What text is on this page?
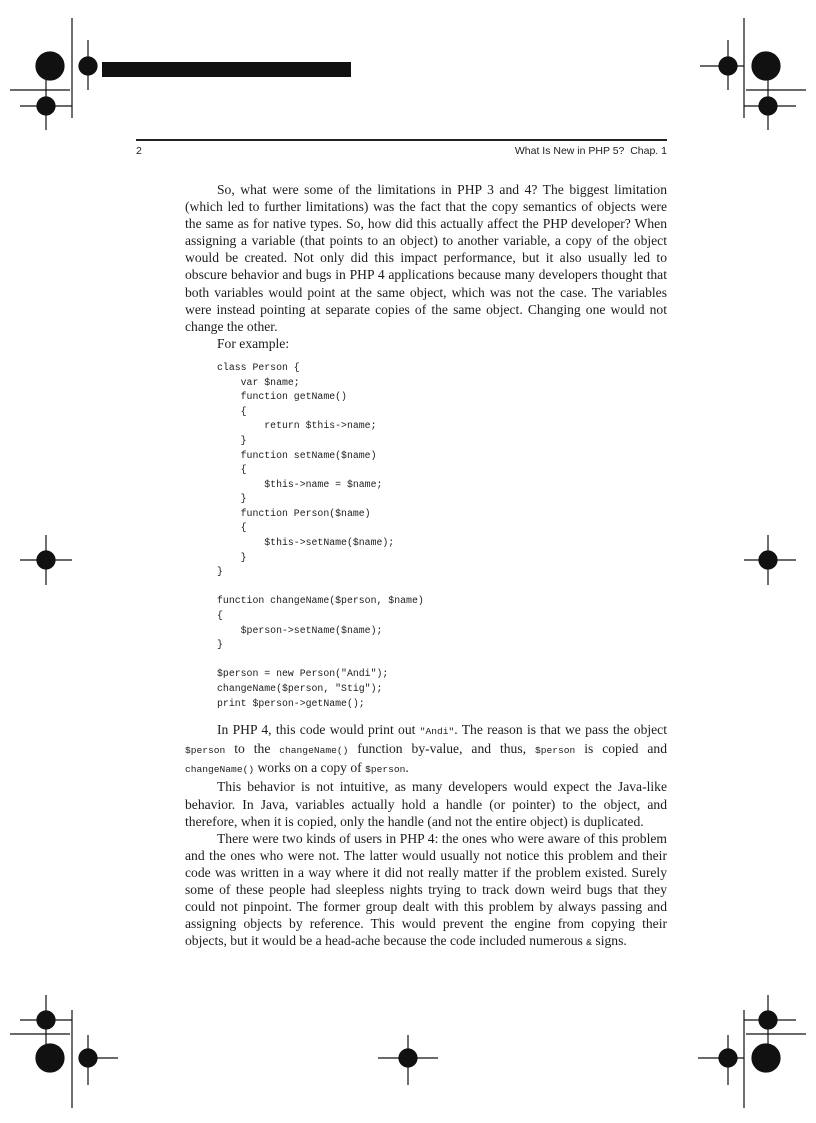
2	What Is New in PHP 5?  Chap. 1

So, what were some of the limitations in PHP 3 and 4? The biggest limitation (which led to further limitations) was the fact that the copy semantics of objects were the same as for native types. So, how did this actually affect the PHP developer? When assigning a variable (that points to an object) to another variable, a copy of the object would be created. Not only did this impact performance, but it also usually led to obscure behavior and bugs in PHP 4 applications because many developers thought that both variables would point at the same object, which was not the case. The variables were instead pointing at separate copies of the same object. Changing one would not change the other.

For example:

class Person {
var $name;
function getName()
{
return $this->name;
}
function setName($name)
{
$this->name = $name;
}
function Person($name)
{
$this->setName($name);
}
}
function changeName($person, $name)
{
$person->setName($name);
}
$person = new Person("Andi");
changeName($person, "Stig");
print $person->getName();

In PHP 4, this code would print out "Andi". The reason is that we pass the object $person to the changeName() function by-value, and thus, $person is copied and changeName() works on a copy of $person.

This behavior is not intuitive, as many developers would expect the Java-like behavior. In Java, variables actually hold a handle (or pointer) to the object, and therefore, when it is copied, only the handle (and not the entire object) is duplicated.

There were two kinds of users in PHP 4: the ones who were aware of this problem and the ones who were not. The latter would usually not notice this problem and their code was written in a way where it did not really matter if the problem existed. Surely some of these people had sleepless nights trying to track down weird bugs that they could not pinpoint. The former group dealt with this problem by always passing and assigning objects by reference. This would prevent the engine from copying their objects, but it would be a head-ache because the code included numerous & signs.
